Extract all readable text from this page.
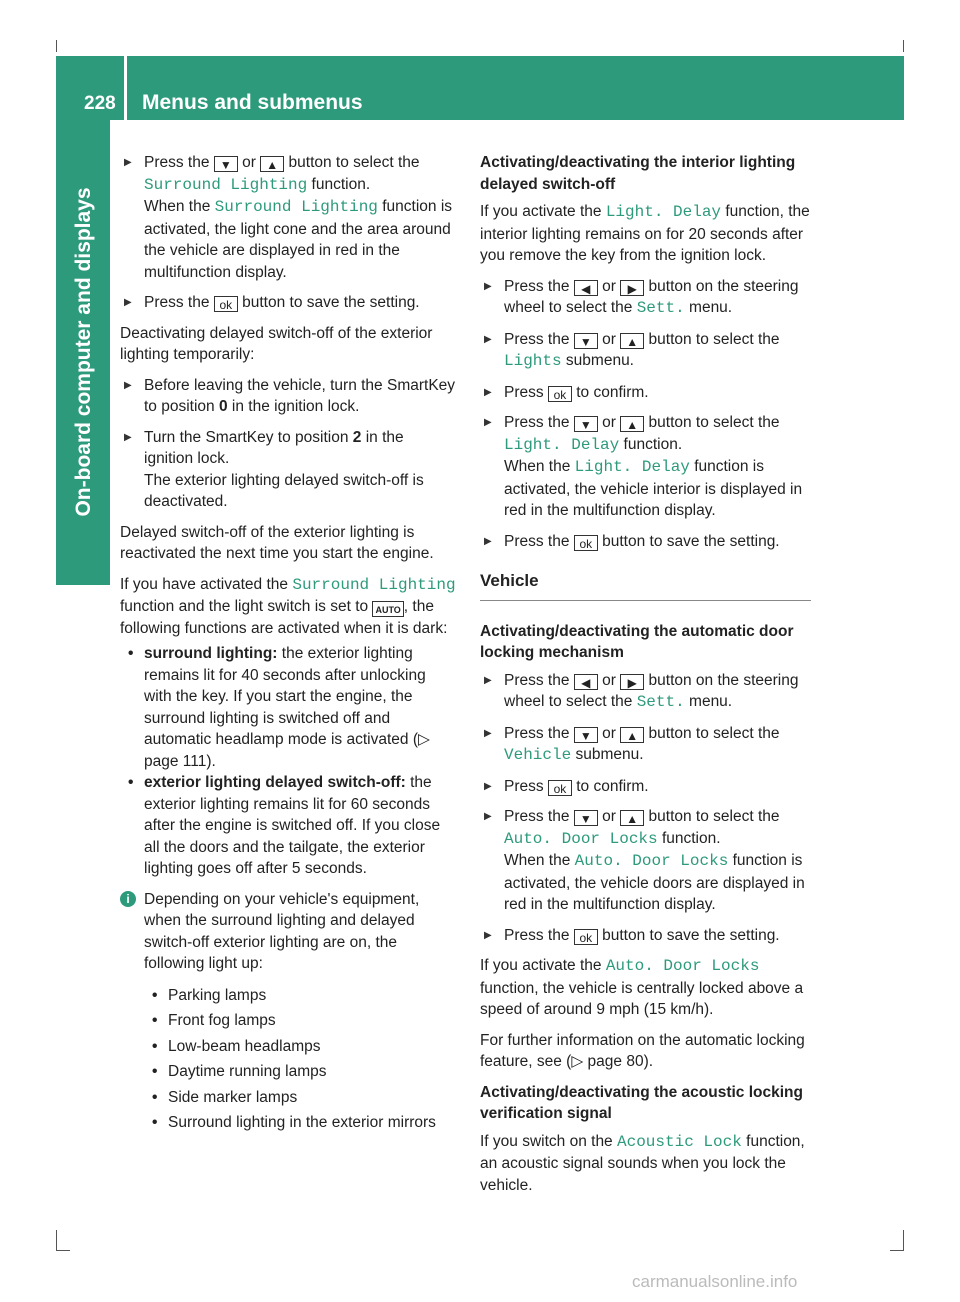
228 Menus and submenus
On-board computer and displays
▶ Press the ▼ or ▲ button to select the Surround Lighting function.
When the Surround Lighting function is activated, the light cone and the area around the vehicle are displayed in red in the multifunction display.
▶ Press the ok button to save the setting.

Deactivating delayed switch-off of the exterior lighting temporarily:

▶ Before leaving the vehicle, turn the SmartKey to position 0 in the ignition lock.
▶ Turn the SmartKey to position 2 in the ignition lock.
The exterior lighting delayed switch-off is deactivated.

Delayed switch-off of the exterior lighting is reactivated the next time you start the engine.

If you have activated the Surround Lighting function and the light switch is set to AUTO , the following functions are activated when it is dark:

• surround lighting: the exterior lighting remains lit for 40 seconds after unlocking with the key. If you start the engine, the surround lighting is switched off and automatic headlamp mode is activated (▷ page 111).
• exterior lighting delayed switch-off: the exterior lighting remains lit for 60 seconds after the engine is switched off. If you close all the doors and the tailgate, the exterior lighting goes off after 5 seconds.
i Depending on your vehicle's equipment, when the surround lighting and delayed switch-off exterior lighting are on, the following light up:
• Parking lamps
• Front fog lamps
• Low-beam headlamps
• Daytime running lamps
• Side marker lamps
• Surround lighting in the exterior mirrors
Activating/deactivating the interior lighting delayed switch-off

If you activate the Light. Delay function, the interior lighting remains on for 20 seconds after you remove the key from the ignition lock.

▶ Press the ◀ or ▶ button on the steering wheel to select the Sett. menu.
▶ Press the ▼ or ▲ button to select the Lights submenu.
▶ Press ok to confirm.
▶ Press the ▼ or ▲ button to select the Light. Delay function.
When the Light. Delay function is activated, the vehicle interior is displayed in red in the multifunction display.
▶ Press the ok button to save the setting.
Vehicle
Activating/deactivating the automatic door locking mechanism
▶ Press the ◀ or ▶ button on the steering wheel to select the Sett. menu.
▶ Press the ▼ or ▲ button to select the Vehicle submenu.
▶ Press ok to confirm.
▶ Press the ▼ or ▲ button to select the Auto. Door Locks function.
When the Auto. Door Locks function is activated, the vehicle doors are displayed in red in the multifunction display.
▶ Press the ok button to save the setting.

If you activate the Auto. Door Locks function, the vehicle is centrally locked above a speed of around 9 mph (15 km/h).

For further information on the automatic locking feature, see (▷ page 80).

Activating/deactivating the acoustic locking verification signal

If you switch on the Acoustic Lock function, an acoustic signal sounds when you lock the vehicle.

carmanualsonline.info
